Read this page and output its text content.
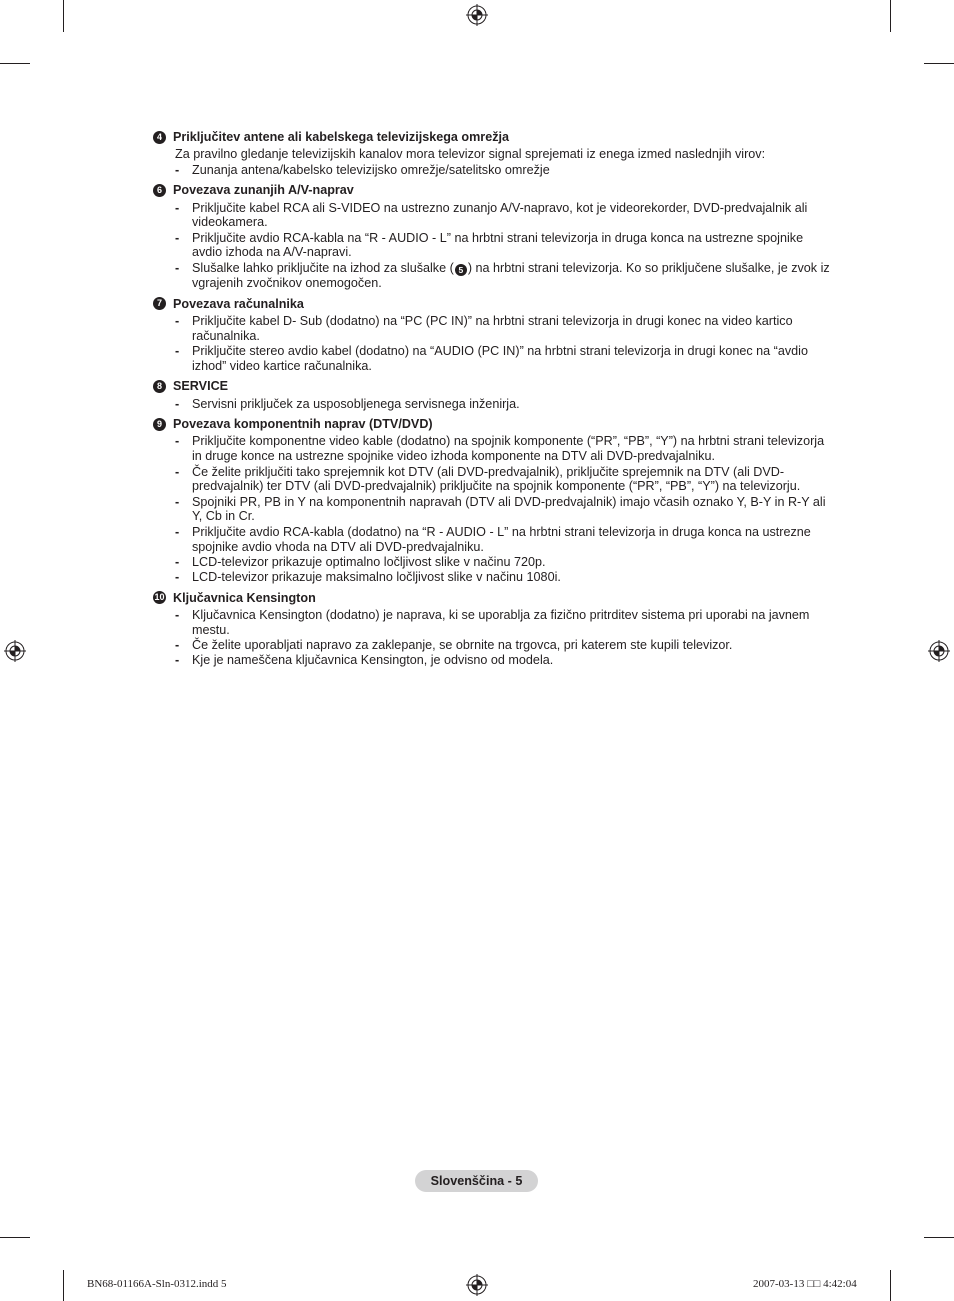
4 Priključitev antene ali kabelskega televizijskega omrežja

Za pravilno gledanje televizijskih kanalov mora televizor signal sprejemati iz enega izmed naslednjih virov:

- Zunanja antena/kabelsko televizijsko omrežje/satelitsko omrežje
6 Povezava zunanjih A/V-naprav
- Priključite kabel RCA ali S-VIDEO na ustrezno zunanjo A/V-napravo, kot je videorekorder, DVD-predvajalnik ali videokamera.
- Priključite avdio RCA-kabla na “R - AUDIO - L” na hrbtni strani televizorja in druga konca na ustrezne spojnike avdio izhoda na A/V-napravi.
- Slušalke lahko priključite na izhod za slušalke ( 5 ) na hrbtni strani televizorja. Ko so priključene slušalke, je zvok iz vgrajenih zvočnikov onemogočen.
7 Povezava računalnika
- Priključite kabel D- Sub (dodatno) na “PC (PC IN)” na hrbtni strani televizorja in drugi konec na video kartico računalnika.
- Priključite stereo avdio kabel (dodatno) na “AUDIO (PC IN)” na hrbtni strani televizorja in drugi konec na “avdio izhod” video kartice računalnika.
8 SERVICE
- Servisni priključek za usposobljenega servisnega inženirja.
9 Povezava komponentnih naprav (DTV/DVD)
- Priključite komponentne video kable (dodatno) na spojnik komponente (“PR”, “PB”, “Y”) na hrbtni strani televizorja in druge konce na ustrezne spojnike video izhoda komponente na DTV ali DVD-predvajalniku.
- Če želite priključiti tako sprejemnik kot DTV (ali DVD-predvajalnik), priključite sprejemnik na DTV (ali DVD-predvajalnik) ter DTV (ali DVD-predvajalnik) priključite na spojnik komponente (“PR”, “PB”, “Y”) na televizorju.
- Spojniki PR, PB in Y na komponentnih napravah (DTV ali DVD-predvajalnik) imajo včasih oznako Y, B-Y in R-Y ali Y, Cb in Cr.
- Priključite avdio RCA-kabla (dodatno) na “R - AUDIO - L” na hrbtni strani televizorja in druga konca na ustrezne spojnike avdio vhoda na DTV ali DVD-predvajalniku.
- LCD-televizor prikazuje optimalno ločljivost slike v načinu 720p.
- LCD-televizor prikazuje maksimalno ločljivost slike v načinu 1080i.
10 Ključavnica Kensington
- Ključavnica Kensington (dodatno) je naprava, ki se uporablja za fizično pritrditev sistema pri uporabi na javnem mestu.
- Če želite uporabljati napravo za zaklepanje, se obrnite na trgovca, pri katerem ste kupili televizor.
- Kje je nameščena ključavnica Kensington, je odvisno od modela.
Slovenščina - 5
BN68-01166A-Sln-0312.indd 5	2007-03-13 □□ 4:42:04
